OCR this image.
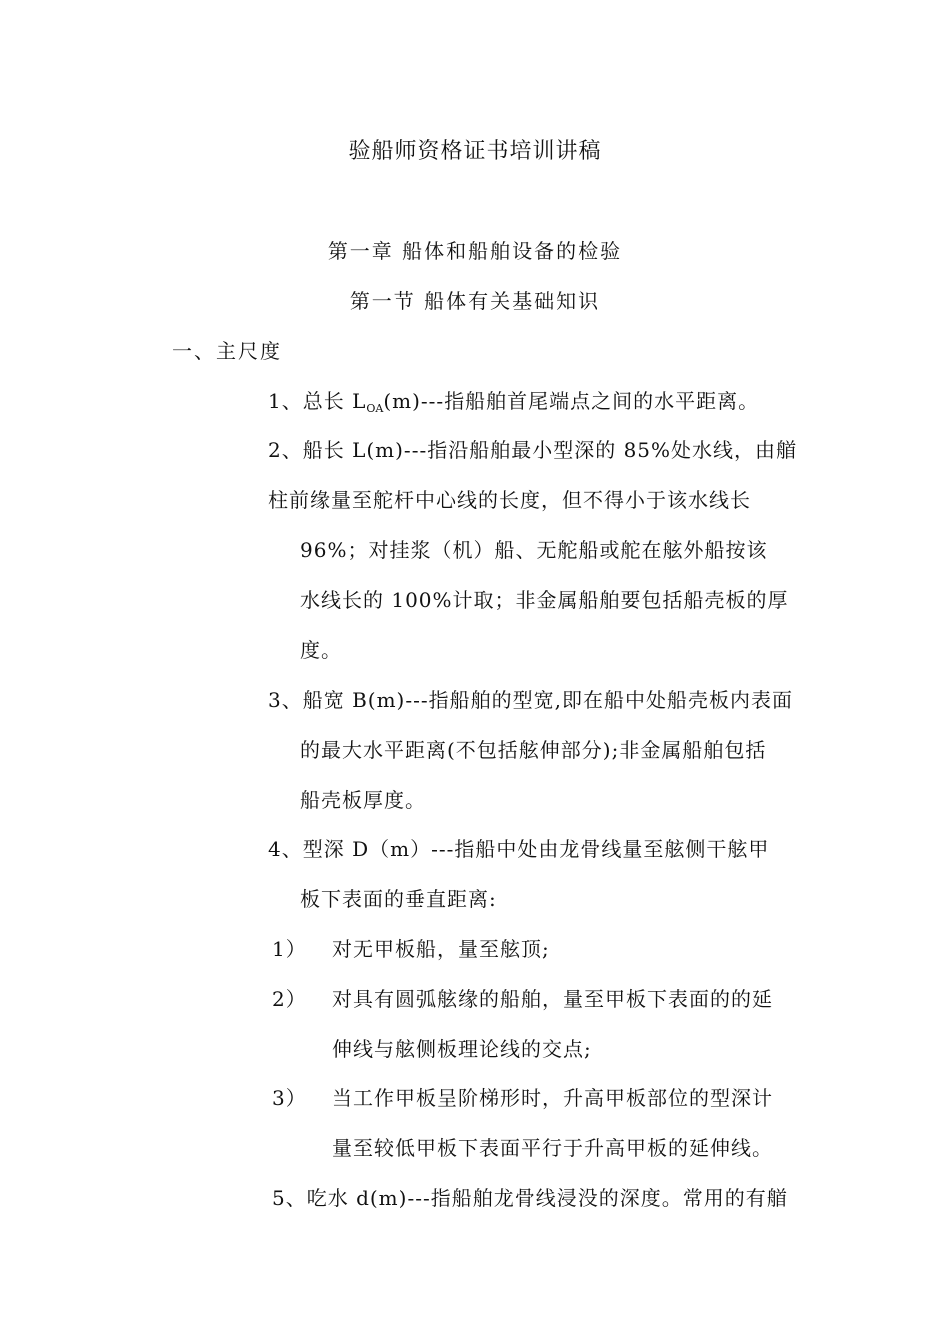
验船师资格证书培训讲稿
第一章 船体和船舶设备的检验
第一节 船体有关基础知识
一、主尺度
1、总长 $L_{OA}(m)---$指船舶首尾端点之间的水平距离。
2、船长 L(m)---指沿船舶最小型深的 85%处水线，由艏
柱前缘量至舵杆中心线的长度，但不得小于该水线长
96%；对挂浆（机）船、无舵船或舵在舷外船按该
水线长的 100%计取；非金属船舶要包括船壳板的厚
度。
3、船宽 B(m)---指船舶的型宽,即在船中处船壳板内表面
的最大水平距离(不包括舷伸部分);非金属船舶包括
船壳板厚度。
4、型深 D（m）---指船中处由龙骨线量至舷侧干舷甲
板下表面的垂直距离:
1） 对无甲板船，量至舷顶;
2） 对具有圆弧舷缘的船舶，量至甲板下表面的的延
伸线与舷侧板理论线的交点;
3） 当工作甲板呈阶梯形时，升高甲板部位的型深计
量至较低甲板下表面平行于升高甲板的延伸线。
5、吃水 d(m)---指船舶龙骨线浸没的深度。常用的有艏
